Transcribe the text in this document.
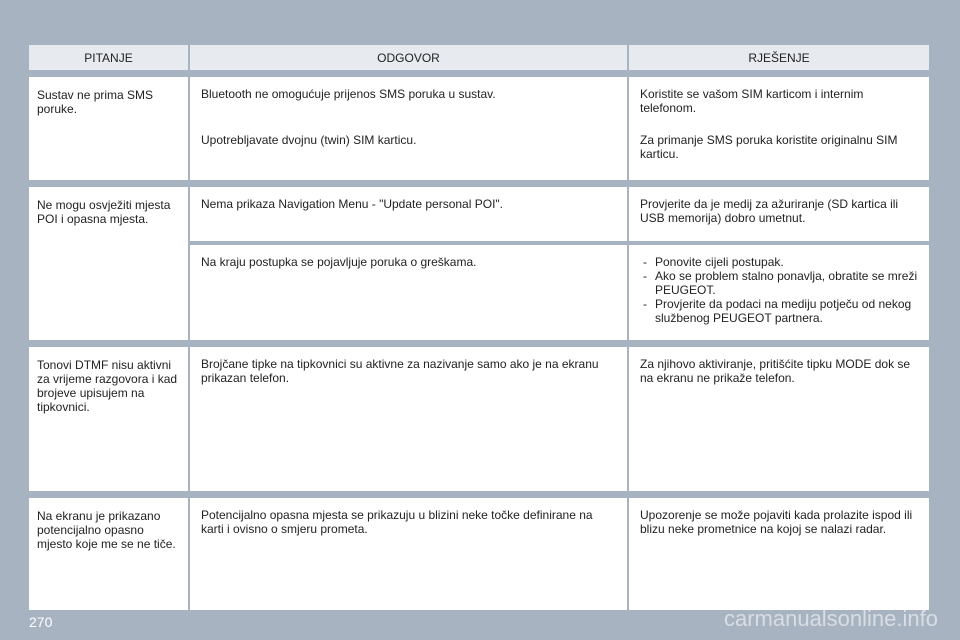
PITANJE	ODGOVOR	RJEŠENJE
Sustav ne prima SMS poruke.
Bluetooth ne omogućuje prijenos SMS poruka u sustav.
Upotrebljavate dvojnu (twin) SIM karticu.
Koristite se vašom SIM karticom i internim telefonom.
Za primanje SMS poruka koristite originalnu SIM karticu.
Ne mogu osvježiti mjesta POI i opasna mjesta.
Nema prikaza Navigation Menu - "Update personal POI".	Provjerite da je medij za ažuriranje (SD kartica ili USB memorija) dobro umetnut.
Na kraju postupka se pojavljuje poruka o greškama.
-	Ponovite cijeli postupak.
- Ako se problem stalno ponavlja, obratite se mreži PEUGEOT.
- Provjerite da podaci na mediju potječu od nekog službenog PEUGEOT partnera.
Tonovi DTMF nisu aktivni za vrijeme razgovora i kad brojeve upisujem na tipkovnici.
Brojčane tipke na tipkovnici su aktivne za nazivanje samo ako je na ekranu prikazan telefon.
Za njihovo aktiviranje, pritišćite tipku MODE dok se na ekranu ne prikaže telefon.
Na ekranu je prikazano potencijalno opasno mjesto koje me se ne tiče.
Potencijalno opasna mjesta se prikazuju u blizini neke točke definirane na karti i ovisno o smjeru prometa.
Upozorenje se može pojaviti kada prolazite ispod ili blizu neke prometnice na kojoj se nalazi radar.
270	carmanualsonline.info
